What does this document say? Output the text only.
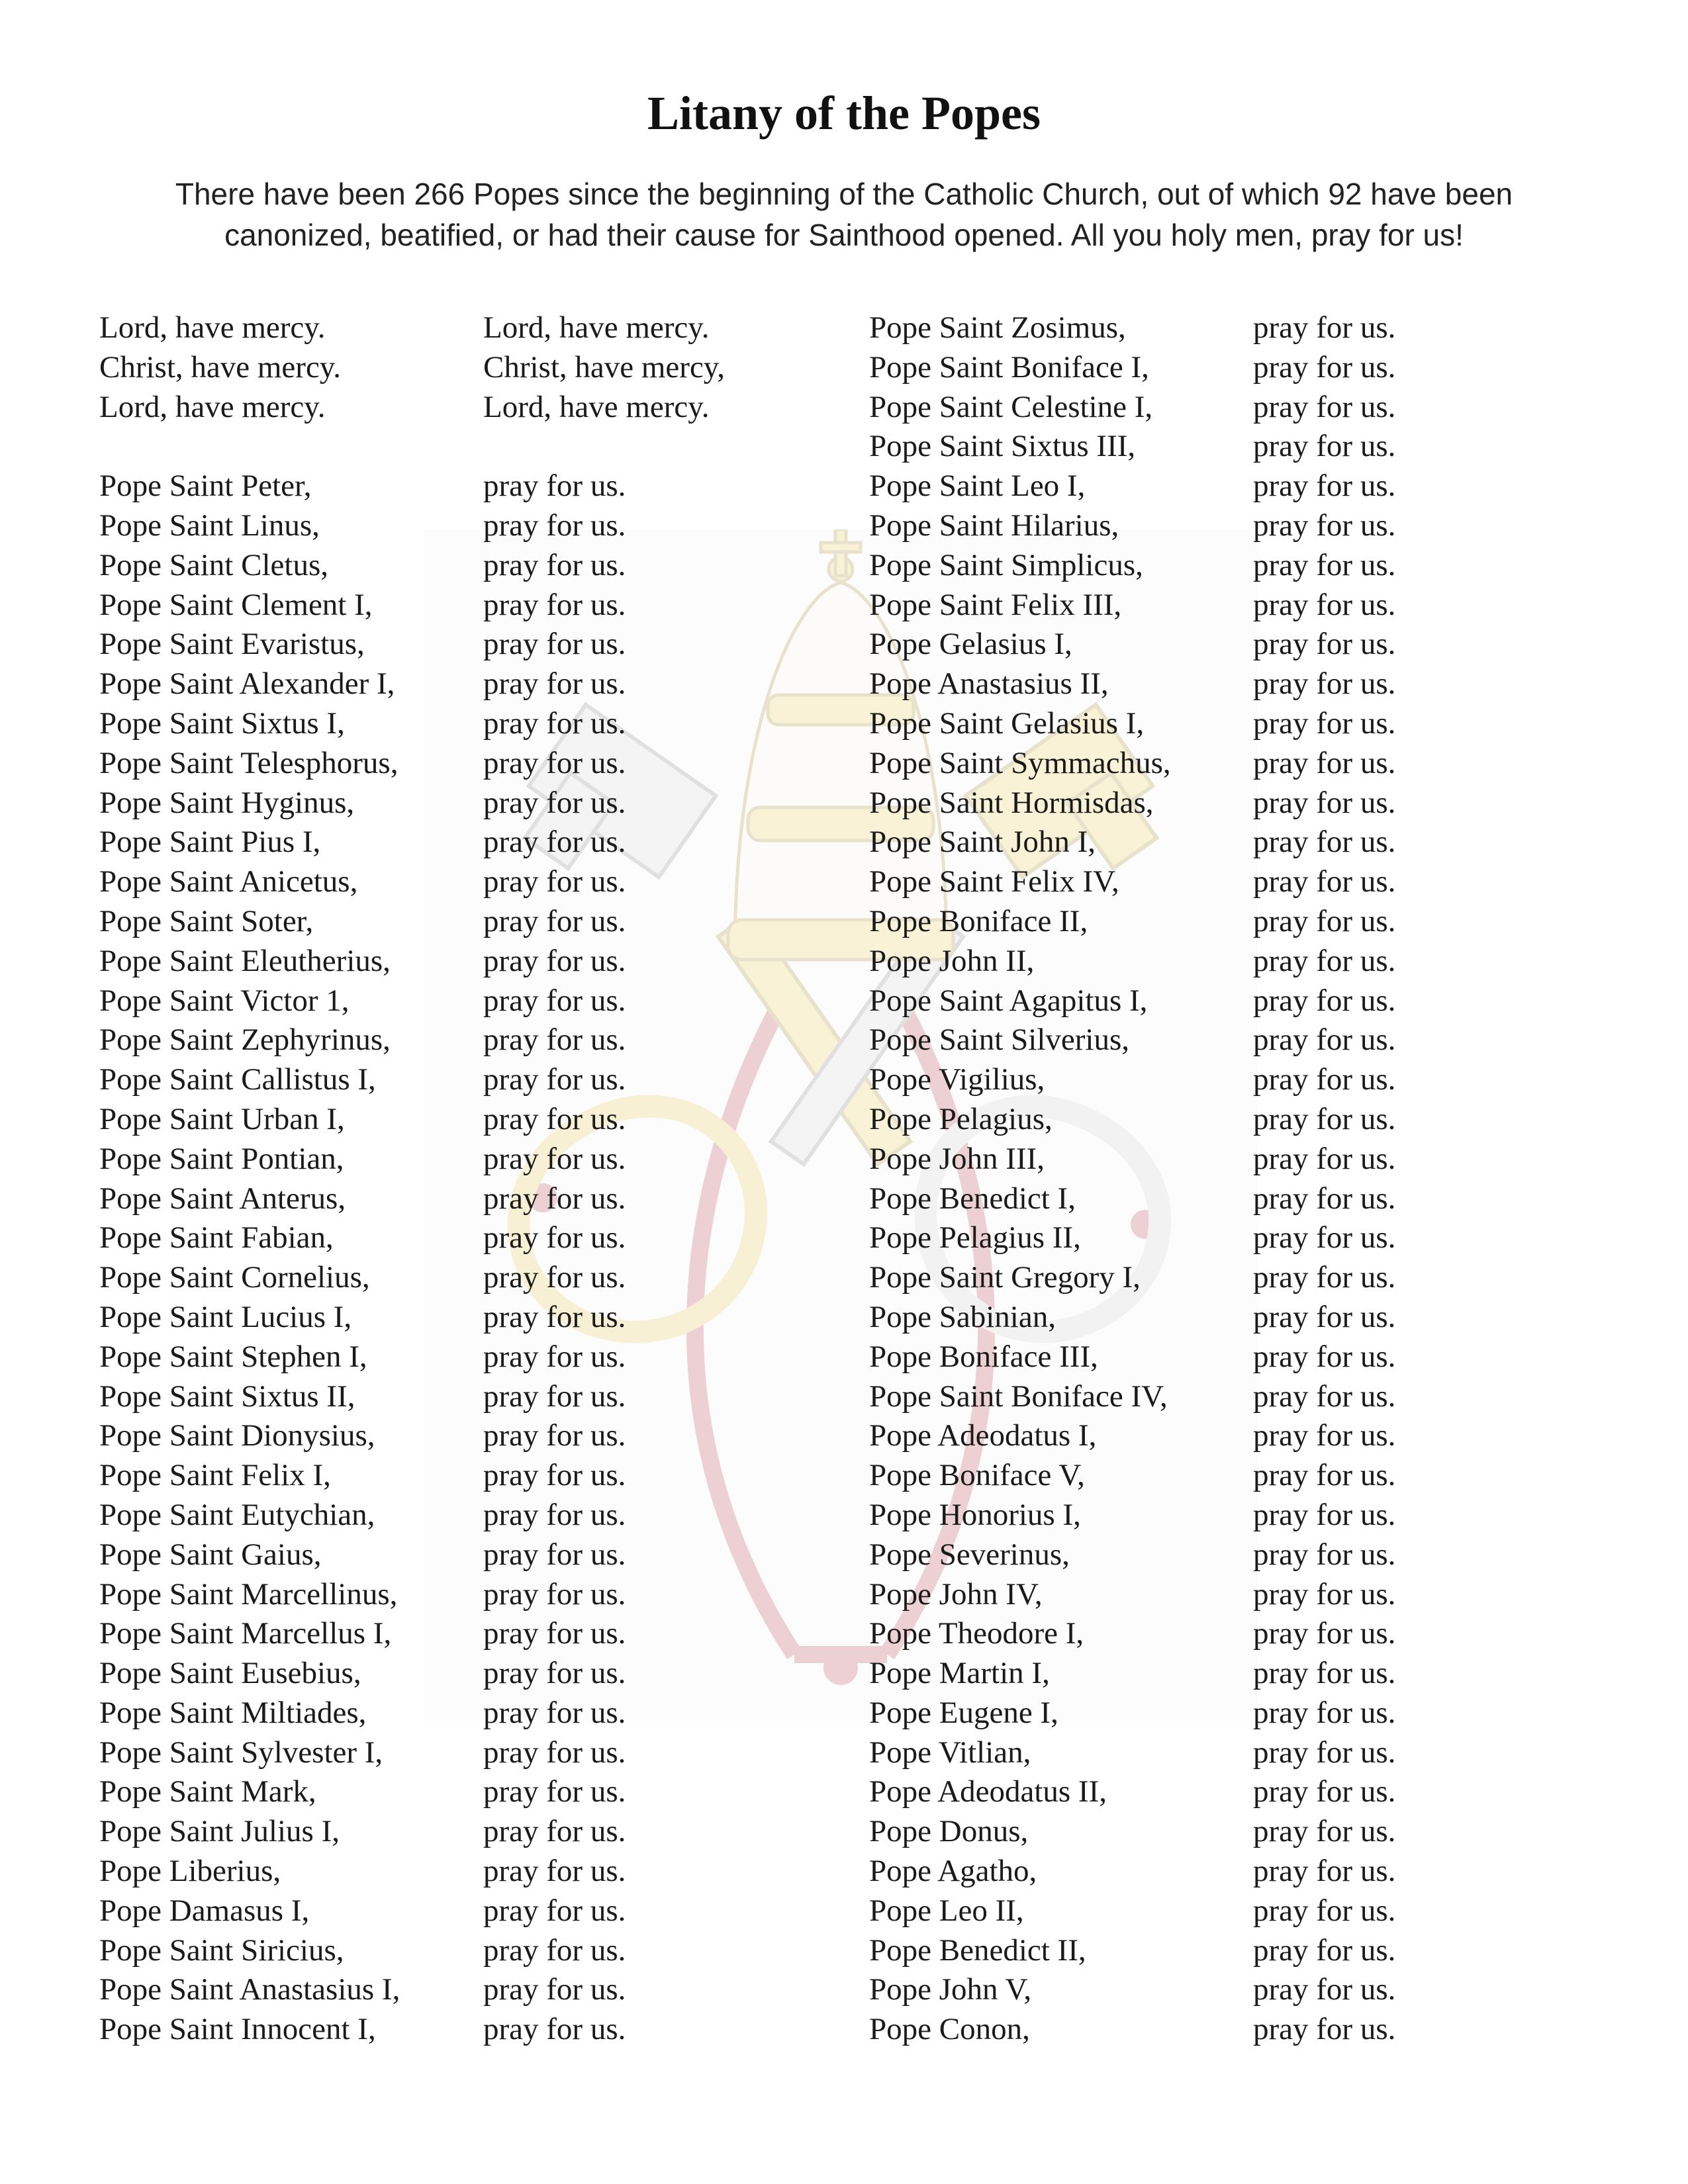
Litany of the Popes
There have been 266 Popes since the beginning of the Catholic Church, out of which 92 have been canonized, beatified, or had their cause for Sainthood opened. All you holy men, pray for us!
Lord, have mercy.	Lord, have mercy.
Christ, have mercy.	Christ, have mercy,
Lord, have mercy.	Lord, have mercy.
Pope Saint Peter,	pray for us.
Pope Saint Linus,	pray for us.
Pope Saint Cletus,	pray for us.
Pope Saint Clement I,	pray for us.
Pope Saint Evaristus,	pray for us.
Pope Saint Alexander I,	pray for us.
Pope Saint Sixtus I,	pray for us.
Pope Saint Telesphorus,	pray for us.
Pope Saint Hyginus,	pray for us.
Pope Saint Pius I,	pray for us.
Pope Saint Anicetus,	pray for us.
Pope Saint Soter,	pray for us.
Pope Saint Eleutherius,	pray for us.
Pope Saint Victor 1,	pray for us.
Pope Saint Zephyrinus,	pray for us.
Pope Saint Callistus I,	pray for us.
Pope Saint Urban I,	pray for us.
Pope Saint Pontian,	pray for us.
Pope Saint Anterus,	pray for us.
Pope Saint Fabian,	pray for us.
Pope Saint Cornelius,	pray for us.
Pope Saint Lucius I,	pray for us.
Pope Saint Stephen I,	pray for us.
Pope Saint Sixtus II,	pray for us.
Pope Saint Dionysius,	pray for us.
Pope Saint Felix I,	pray for us.
Pope Saint Eutychian,	pray for us.
Pope Saint Gaius,	pray for us.
Pope Saint Marcellinus,	pray for us.
Pope Saint Marcellus I,	pray for us.
Pope Saint Eusebius,	pray for us.
Pope Saint Miltiades,	pray for us.
Pope Saint Sylvester I,	pray for us.
Pope Saint Mark,	pray for us.
Pope Saint Julius I,	pray for us.
Pope Liberius,	pray for us.
Pope Damasus I,	pray for us.
Pope Saint Siricius,	pray for us.
Pope Saint Anastasius I,	pray for us.
Pope Saint Innocent I,	pray for us.
Pope Saint Zosimus,	pray for us.
Pope Saint Boniface I,	pray for us.
Pope Saint Celestine I,	pray for us.
Pope Saint Sixtus III,	pray for us.
Pope Saint Leo I,	pray for us.
Pope Saint Hilarius,	pray for us.
Pope Saint Simplicus,	pray for us.
Pope Saint Felix III,	pray for us.
Pope Gelasius I,	pray for us.
Pope Anastasius II,	pray for us.
Pope Saint Gelasius I,	pray for us.
Pope Saint Symmachus,	pray for us.
Pope Saint Hormisdas,	pray for us.
Pope Saint John I,	pray for us.
Pope Saint Felix IV,	pray for us.
Pope Boniface II,	pray for us.
Pope John II,	pray for us.
Pope Saint Agapitus I,	pray for us.
Pope Saint Silverius,	pray for us.
Pope Vigilius,	pray for us.
Pope Pelagius,	pray for us.
Pope John III,	pray for us.
Pope Benedict I,	pray for us.
Pope Pelagius II,	pray for us.
Pope Saint Gregory I,	pray for us.
Pope Sabinian,	pray for us.
Pope Boniface III,	pray for us.
Pope Saint Boniface IV,	pray for us.
Pope Adeodatus I,	pray for us.
Pope Boniface V,	pray for us.
Pope Honorius I,	pray for us.
Pope Severinus,	pray for us.
Pope John IV,	pray for us.
Pope Theodore I,	pray for us.
Pope Martin I,	pray for us.
Pope Eugene I,	pray for us.
Pope Vitlian,	pray for us.
Pope Adeodatus II,	pray for us.
Pope Donus,	pray for us.
Pope Agatho,	pray for us.
Pope Leo II,	pray for us.
Pope Benedict II,	pray for us.
Pope John V,	pray for us.
Pope Conon,	pray for us.
